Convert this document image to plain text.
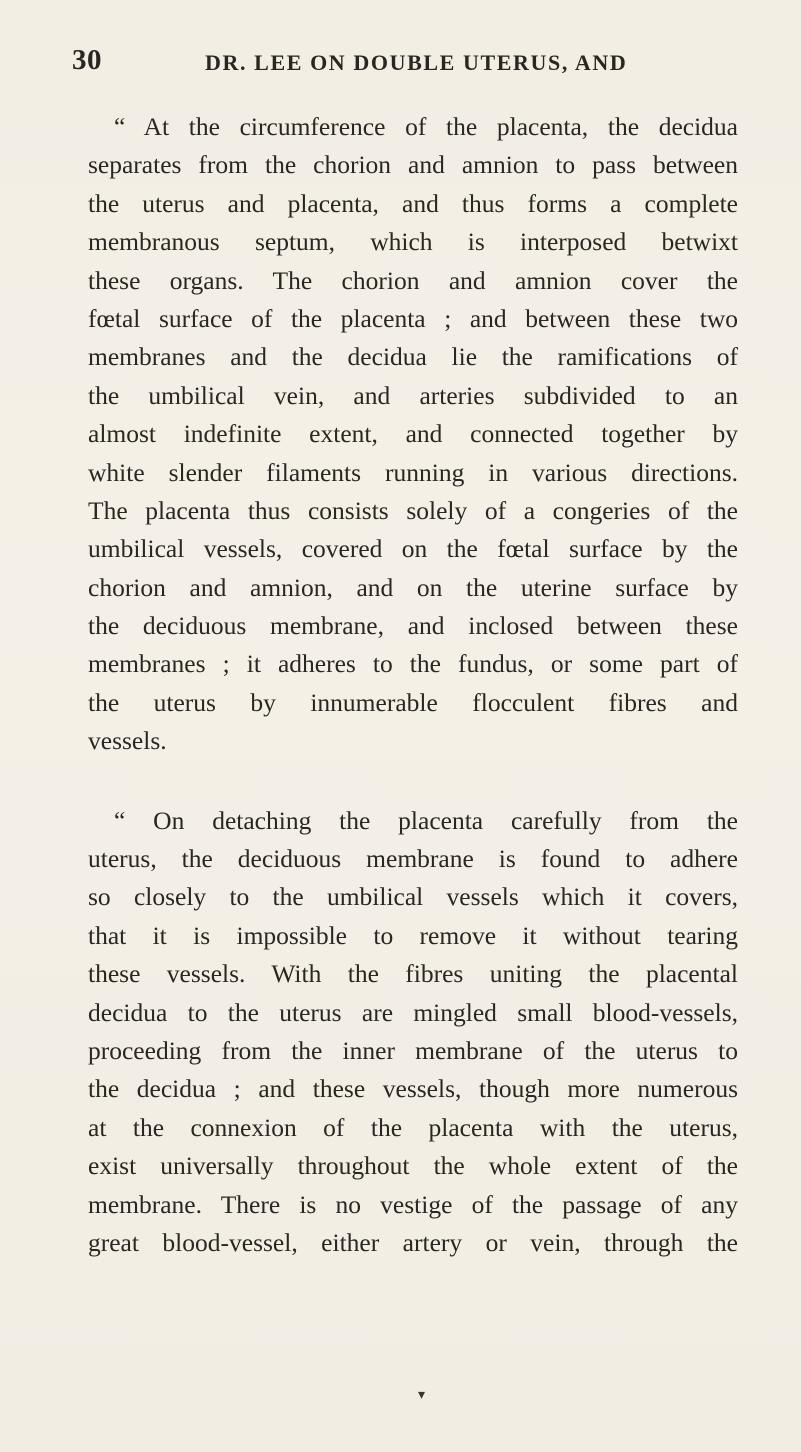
30	DR. LEE ON DOUBLE UTERUS, AND

“ At the circumference of the placenta, the decidua
separates from the chorion and amnion to pass between
the uterus and placenta, and thus forms a complete
membranous septum, which is interposed betwixt
these organs. The chorion and amnion cover the
fœtal surface of the placenta ; and between these two
membranes and the decidua lie the ramifications of
the umbilical vein, and arteries subdivided to an
almost indefinite extent, and connected together by
white slender filaments running in various directions.
The placenta thus consists solely of a congeries of the
umbilical vessels, covered on the fœtal surface by the
chorion and amnion, and on the uterine surface by
the deciduous membrane, and inclosed between these
membranes ; it adheres to the fundus, or some part of
the uterus by innumerable flocculent fibres and
vessels.

“ On detaching the placenta carefully from the
uterus, the deciduous membrane is found to adhere
so closely to the umbilical vessels which it covers,
that it is impossible to remove it without tearing
these vessels. With the fibres uniting the placental
decidua to the uterus are mingled small blood-vessels,
proceeding from the inner membrane of the uterus to
the decidua ; and these vessels, though more numerous
at the connexion of the placenta with the uterus,
exist universally throughout the whole extent of the
membrane. There is no vestige of the passage of any
great blood-vessel, either artery or vein, through the

▾
